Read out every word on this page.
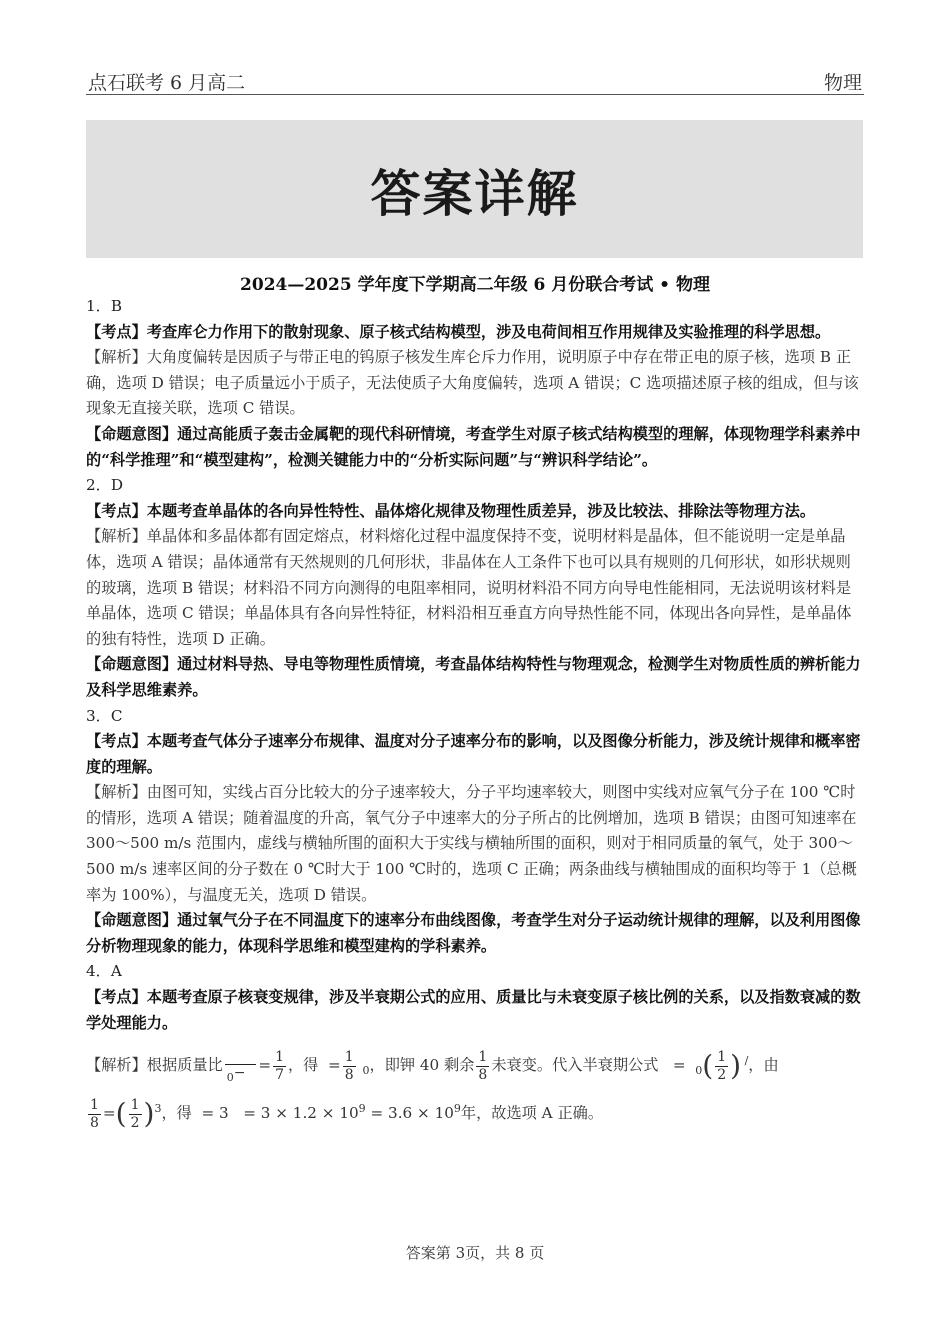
点石联考 6 月高二	物理
答案详解
2024—2025 学年度下学期高二年级 6 月份联合考试 • 物理

1．B

【考点】考查库仑力作用下的散射现象、原子核式结构模型，涉及电荷间相互作用规律及实验推理的科学思想。

【解析】大角度偏转是因质子与带正电的钨原子核发生库仑斥力作用，说明原子中存在带正电的原子核，选项 B 正确，选项 D 错误；电子质量远小于质子，无法使质子大角度偏转，选项 A 错误；C 选项描述原子核的组成，但与该现象无直接关联，选项 C 错误。

【命题意图】通过高能质子轰击金属靶的现代科研情境，考查学生对原子核式结构模型的理解，体现物理学科素养中的“科学推理”和“模型建构”，检测关键能力中的“分析实际问题”与“辨识科学结论”。

2．D

【考点】本题考查单晶体的各向异性特性、晶体熔化规律及物理性质差异，涉及比较法、排除法等物理方法。

【解析】单晶体和多晶体都有固定熔点，材料熔化过程中温度保持不变，说明材料是晶体，但不能说明一定是单晶体，选项 A 错误；晶体通常有天然规则的几何形状，非晶体在人工条件下也可以具有规则的几何形状，如形状规则的玻璃，选项 B 错误；材料沿不同方向测得的电阻率相同，说明材料沿不同方向导电性能相同，无法说明该材料是单晶体，选项 C 错误；单晶体具有各向异性特征，材料沿相互垂直方向导热性能不同，体现出各向异性，是单晶体的独有特性，选项 D 正确。

【命题意图】通过材料导热、导电等物理性质情境，考查晶体结构特性与物理观念，检测学生对物质性质的辨析能力及科学思维素养。

3．C

【考点】本题考查气体分子速率分布规律、温度对分子速率分布的影响，以及图像分析能力，涉及统计规律和概率密度的理解。

【解析】由图可知，实线占百分比较大的分子速率较大，分子平均速率较大，则图中实线对应氧气分子在 100 ℃时的情形，选项 A 错误；随着温度的升高，氧气分子中速率大的分子所占的比例增加，选项 B 错误；由图可知速率在 300～500 m/s 范围内，虚线与横轴所围的面积大于实线与横轴所围的面积，则对于相同质量的氧气，处于 300～500 m/s 速率区间的分子数在 0 ℃时大于 100 ℃时的，选项 C 正确；两条曲线与横轴围成的面积均等于 1（总概率为 100%），与温度无关，选项 D 错误。

【命题意图】通过氧气分子在不同温度下的速率分布曲线图像，考查学生对分子运动统计规律的理解，以及利用图像分析物理现象的能力，体现科学思维和模型建构的学科素养。

4．A

【考点】本题考查原子核衰变规律，涉及半衰期公式的应用、质量比与未衰变原子核比例的关系，以及指数衰减的数学处理能力。

【解析】根据质量比

$_0- = \frac{1}{7}$ ，得  = $\frac{1}{8} _0$，即钾 40 剩余 $\frac{1}{8}$ 未衰变。代入半衰期公式   =  $_0( \frac{1}{2}$ ) /，由

$\frac{1}{8}$ =( $\frac{1}{2} )^3$，得  = $3 = 3 \times 1.2 \times 10^9 = 3.6 \times 10^9$年，故选项 A 正确。

答案第 3页，共 8 页
